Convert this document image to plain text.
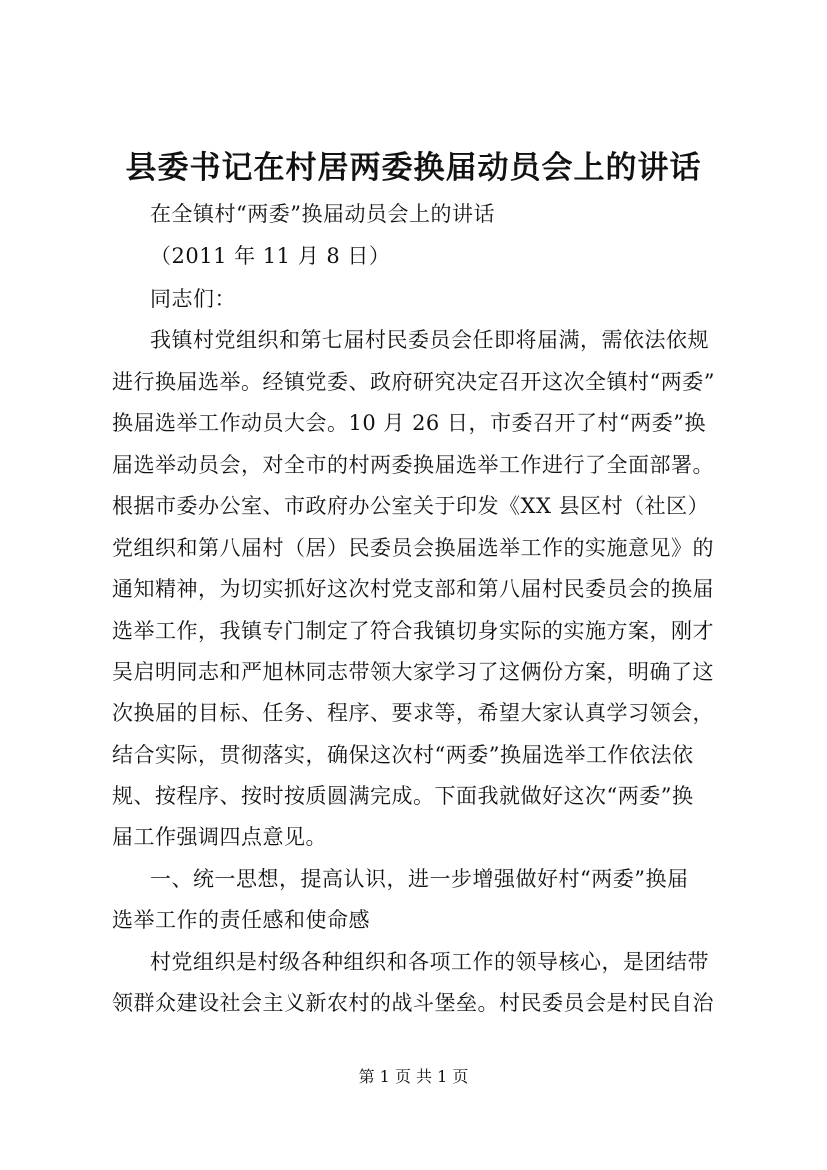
县委书记在村居两委换届动员会上的讲话
在全镇村“两委”换届动员会上的讲话
（2011 年 11 月 8 日）
同志们：
我镇村党组织和第七届村民委员会任即将届满，需依法依规
进行换届选举。经镇党委、政府研究决定召开这次全镇村“两委”
换届选举工作动员大会。10 月 26 日，市委召开了村“两委”换
届选举动员会，对全市的村两委换届选举工作进行了全面部署。
根据市委办公室、市政府办公室关于印发《XX 县区村（社区）
党组织和第八届村（居）民委员会换届选举工作的实施意见》的
通知精神，为切实抓好这次村党支部和第八届村民委员会的换届
选举工作，我镇专门制定了符合我镇切身实际的实施方案，刚才
吴启明同志和严旭林同志带领大家学习了这俩份方案，明确了这
次换届的目标、任务、程序、要求等，希望大家认真学习领会，
结合实际，贯彻落实，确保这次村“两委”换届选举工作依法依
规、按程序、按时按质圆满完成。下面我就做好这次“两委”换
届工作强调四点意见。
一、统一思想，提高认识，进一步增强做好村“两委”换届
选举工作的责任感和使命感
村党组织是村级各种组织和各项工作的领导核心，是团结带
领群众建设社会主义新农村的战斗堡垒。村民委员会是村民自治
第 1 页 共 1 页
